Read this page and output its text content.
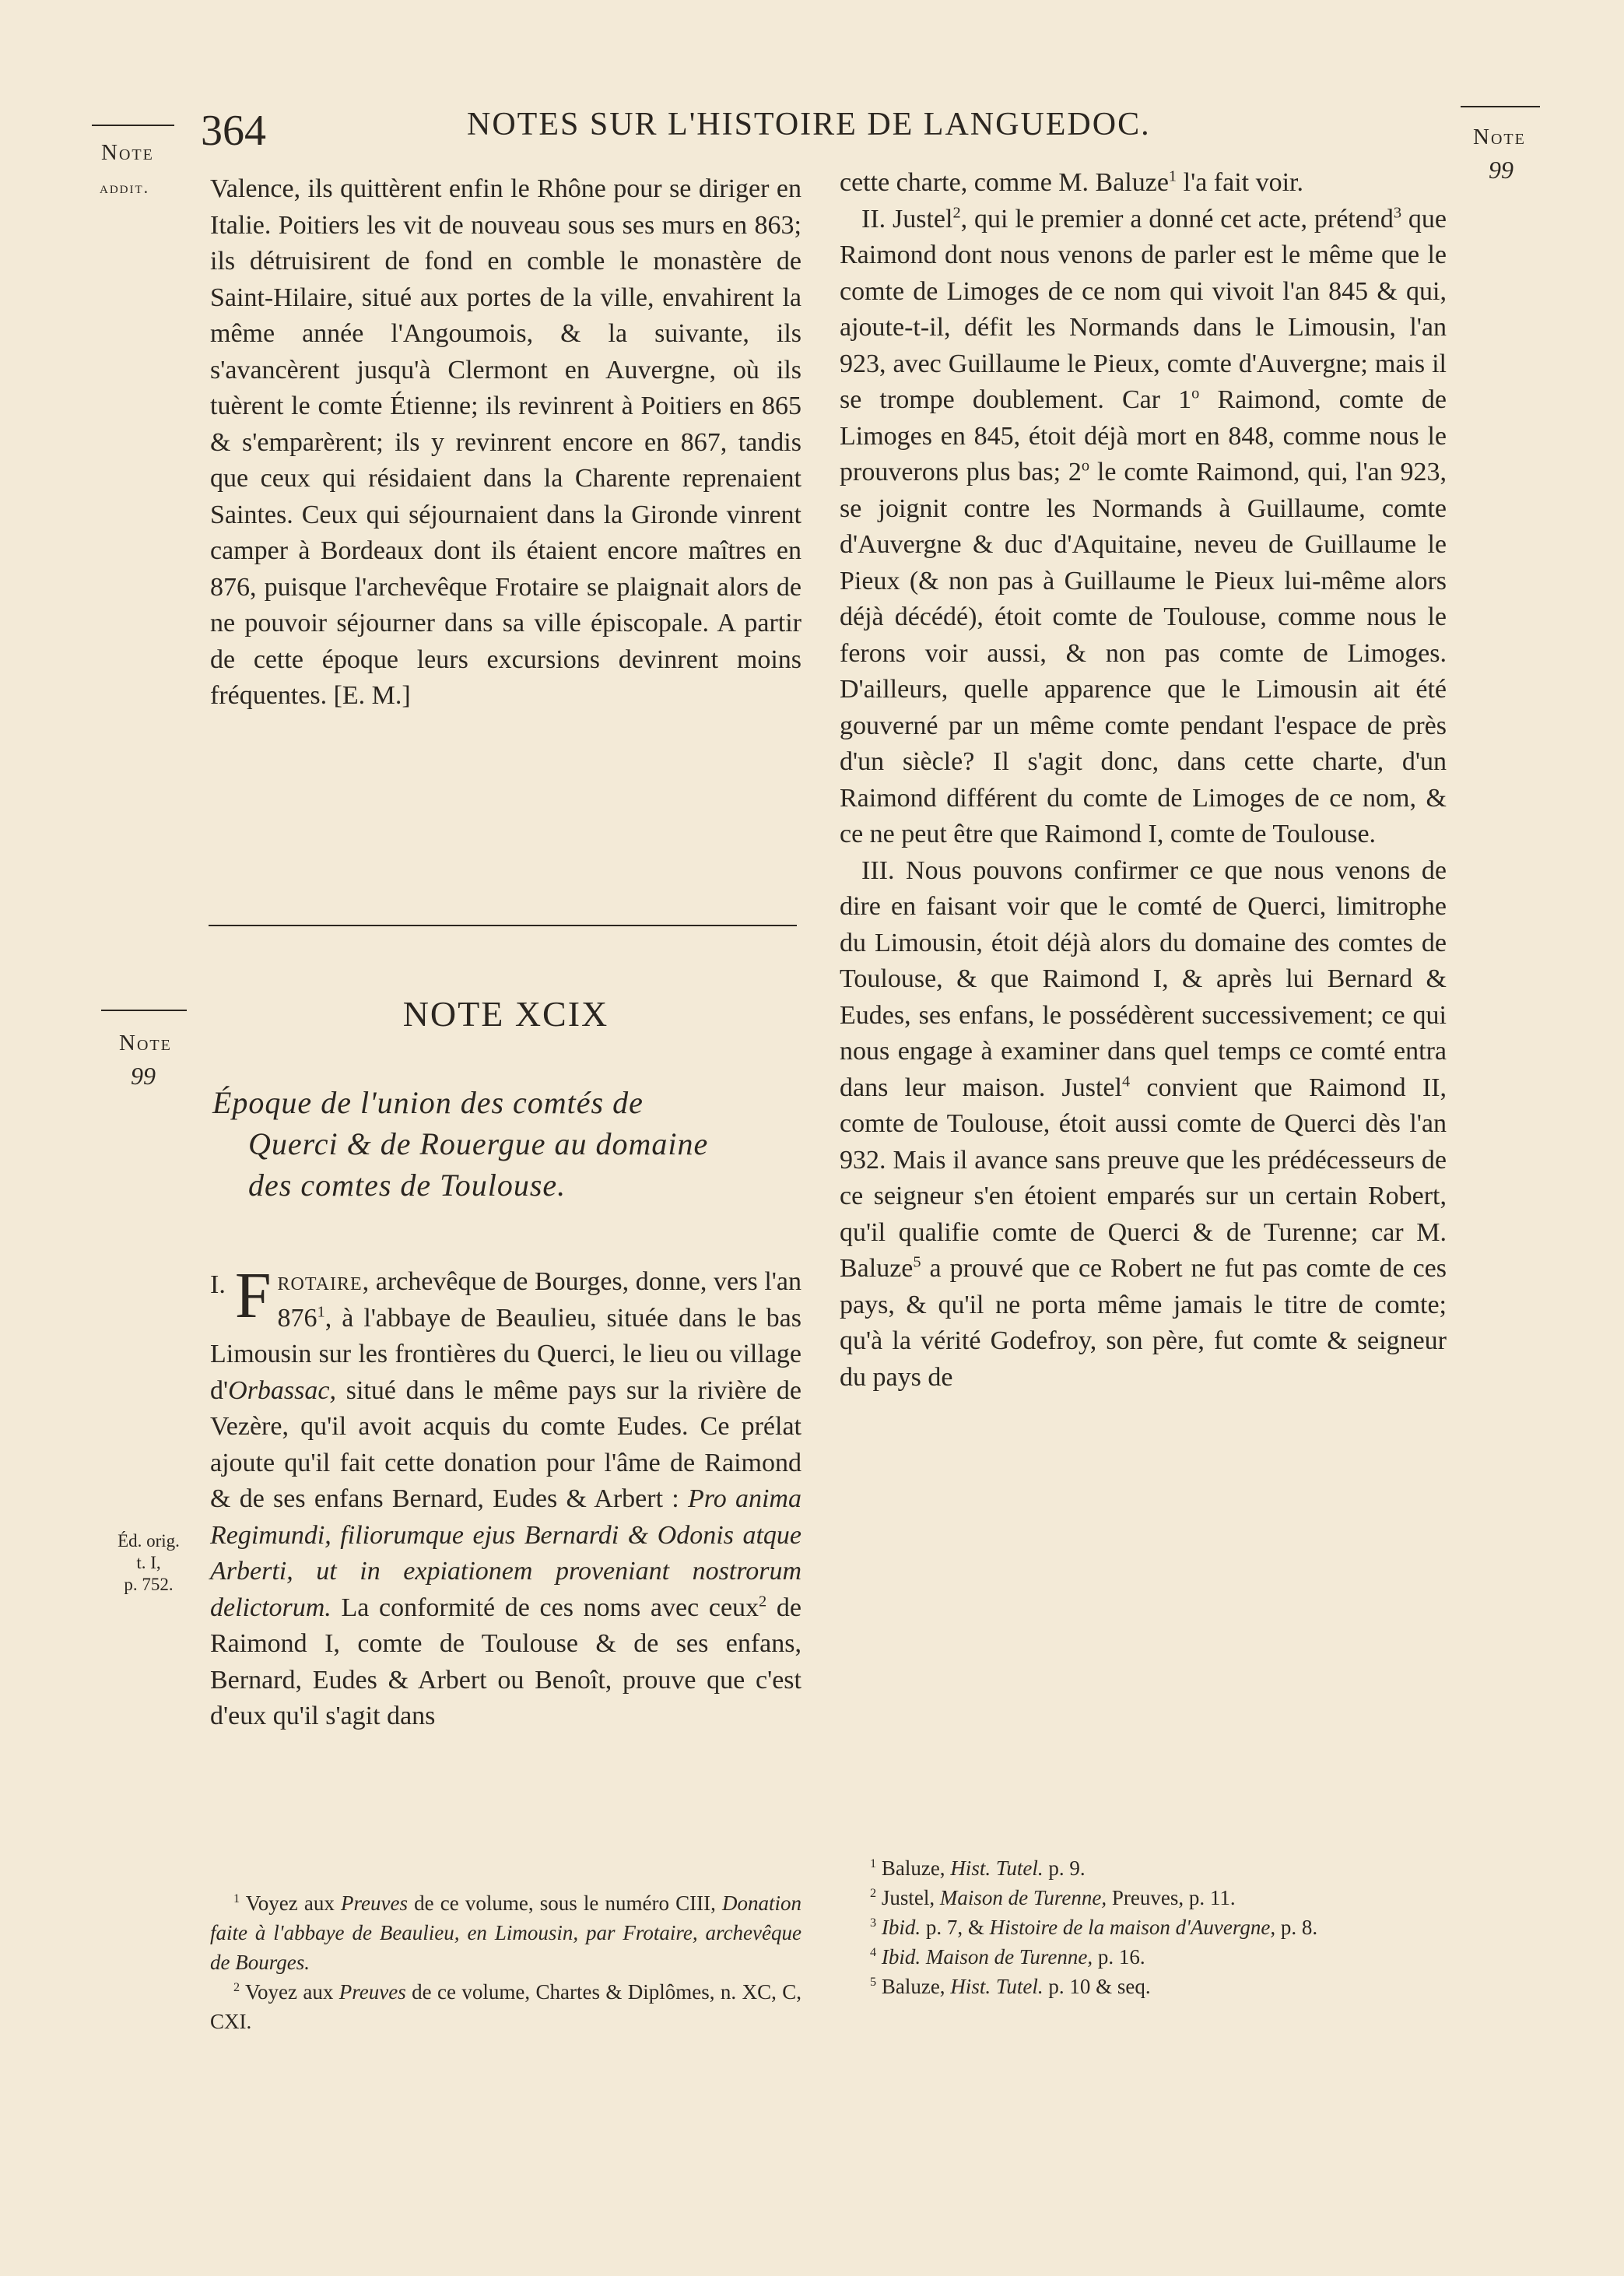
364	NOTES SUR L'HISTOIRE DE LANGUEDOC.
Note
addit.
Note
99
Note
99
Éd. orig.
t. I,
p. 752.

Valence, ils quittèrent enfin le Rhône pour se diriger en Italie. Poitiers les vit de nouveau sous ses murs en 863; ils détruisirent de fond en comble le monastère de Saint-Hilaire, situé aux portes de la ville, envahirent la même année l'Angoumois, & la suivante, ils s'avancèrent jusqu'à Clermont en Auvergne, où ils tuèrent le comte Étienne; ils revinrent à Poitiers en 865 & s'emparèrent; ils y revinrent encore en 867, tandis que ceux qui résidaient dans la Charente reprenaient Saintes. Ceux qui séjournaient dans la Gironde vinrent camper à Bordeaux dont ils étaient encore maîtres en 876, puisque l'archevêque Frotaire se plaignait alors de ne pouvoir séjourner dans sa ville épiscopale. A partir de cette époque leurs excursions devinrent moins fréquentes. [E. M.]

NOTE XCIX
Époque de l'union des comtés de
Querci & de Rouergue au domaine
des comtes de Toulouse.

I. F rotaire, archevêque de Bourges, donne, vers l'an $876^1$, à l'abbaye de Beaulieu, située dans le bas Limousin sur les frontières du Querci, le lieu ou village d'Orbassac, situé dans le même pays sur la rivière de Vezère, qu'il avoit acquis du comte Eudes. Ce prélat ajoute qu'il fait cette donation pour l'âme de Raimond & de ses enfans Bernard, Eudes & Arbert : Pro anima Regimundi, filiorumque ejus Bernardi & Odonis atque Arberti, ut in expiationem proveniant nostrorum delictorum. La conformité de ces noms avec ceux$^2$ de Raimond I, comte de Toulouse & de ses enfans, Bernard, Eudes & Arbert ou Benoît, prouve que c'est d'eux qu'il s'agit dans

$^1$ Voyez aux Preuves de ce volume, sous le numéro CIII, Donation faite à l'abbaye de Beaulieu, en Limousin, par Frotaire, archevêque de Bourges.

$^2$ Voyez aux Preuves de ce volume, Chartes & Diplômes, n. XC, C, CXI.

cette charte, comme M. Baluze$^1$ l'a fait voir.

II. Justel$^2$, qui le premier a donné cet acte, prétend$^3$ que Raimond dont nous venons de parler est le même que le comte de Limoges de ce nom qui vivoit l'an 845 & qui, ajoute-t-il, défit les Normands dans le Limousin, l'an 923, avec Guillaume le Pieux, comte d'Auvergne; mais il se trompe doublement. Car 1$^o$ Raimond, comte de Limoges en 845, étoit déjà mort en 848, comme nous le prouverons plus bas; 2$^o$ le comte Raimond, qui, l'an 923, se joignit contre les Normands à Guillaume, comte d'Auvergne & duc d'Aquitaine, neveu de Guillaume le Pieux (& non pas à Guillaume le Pieux lui-même alors déjà décédé), étoit comte de Toulouse, comme nous le ferons voir aussi, & non pas comte de Limoges. D'ailleurs, quelle apparence que le Limousin ait été gouverné par un même comte pendant l'espace de près d'un siècle? Il s'agit donc, dans cette charte, d'un Raimond différent du comte de Limoges de ce nom, & ce ne peut être que Raimond I, comte de Toulouse.

III. Nous pouvons confirmer ce que nous venons de dire en faisant voir que le comté de Querci, limitrophe du Limousin, étoit déjà alors du domaine des comtes de Toulouse, & que Raimond I, & après lui Bernard & Eudes, ses enfans, le possédèrent successivement; ce qui nous engage à examiner dans quel temps ce comté entra dans leur maison. Justel$^4$ convient que Raimond II, comte de Toulouse, étoit aussi comte de Querci dès l'an 932. Mais il avance sans preuve que les prédécesseurs de ce seigneur s'en étoient emparés sur un certain Robert, qu'il qualifie comte de Querci & de Turenne; car M. Baluze$^5$ a prouvé que ce Robert ne fut pas comte de ces pays, & qu'il ne porta même jamais le titre de comte; qu'à la vérité Godefroy, son père, fut comte & seigneur du pays de

$^1$ Baluze, Hist. Tutel. p. 9.

$^2$ Justel, Maison de Turenne, Preuves, p. 11.

$^3$ Ibid. p. 7, & Histoire de la maison d'Auvergne, p. 8.

$^4$ Ibid. Maison de Turenne, p. 16.

$^5$ Baluze, Hist. Tutel. p. 10 & seq.
